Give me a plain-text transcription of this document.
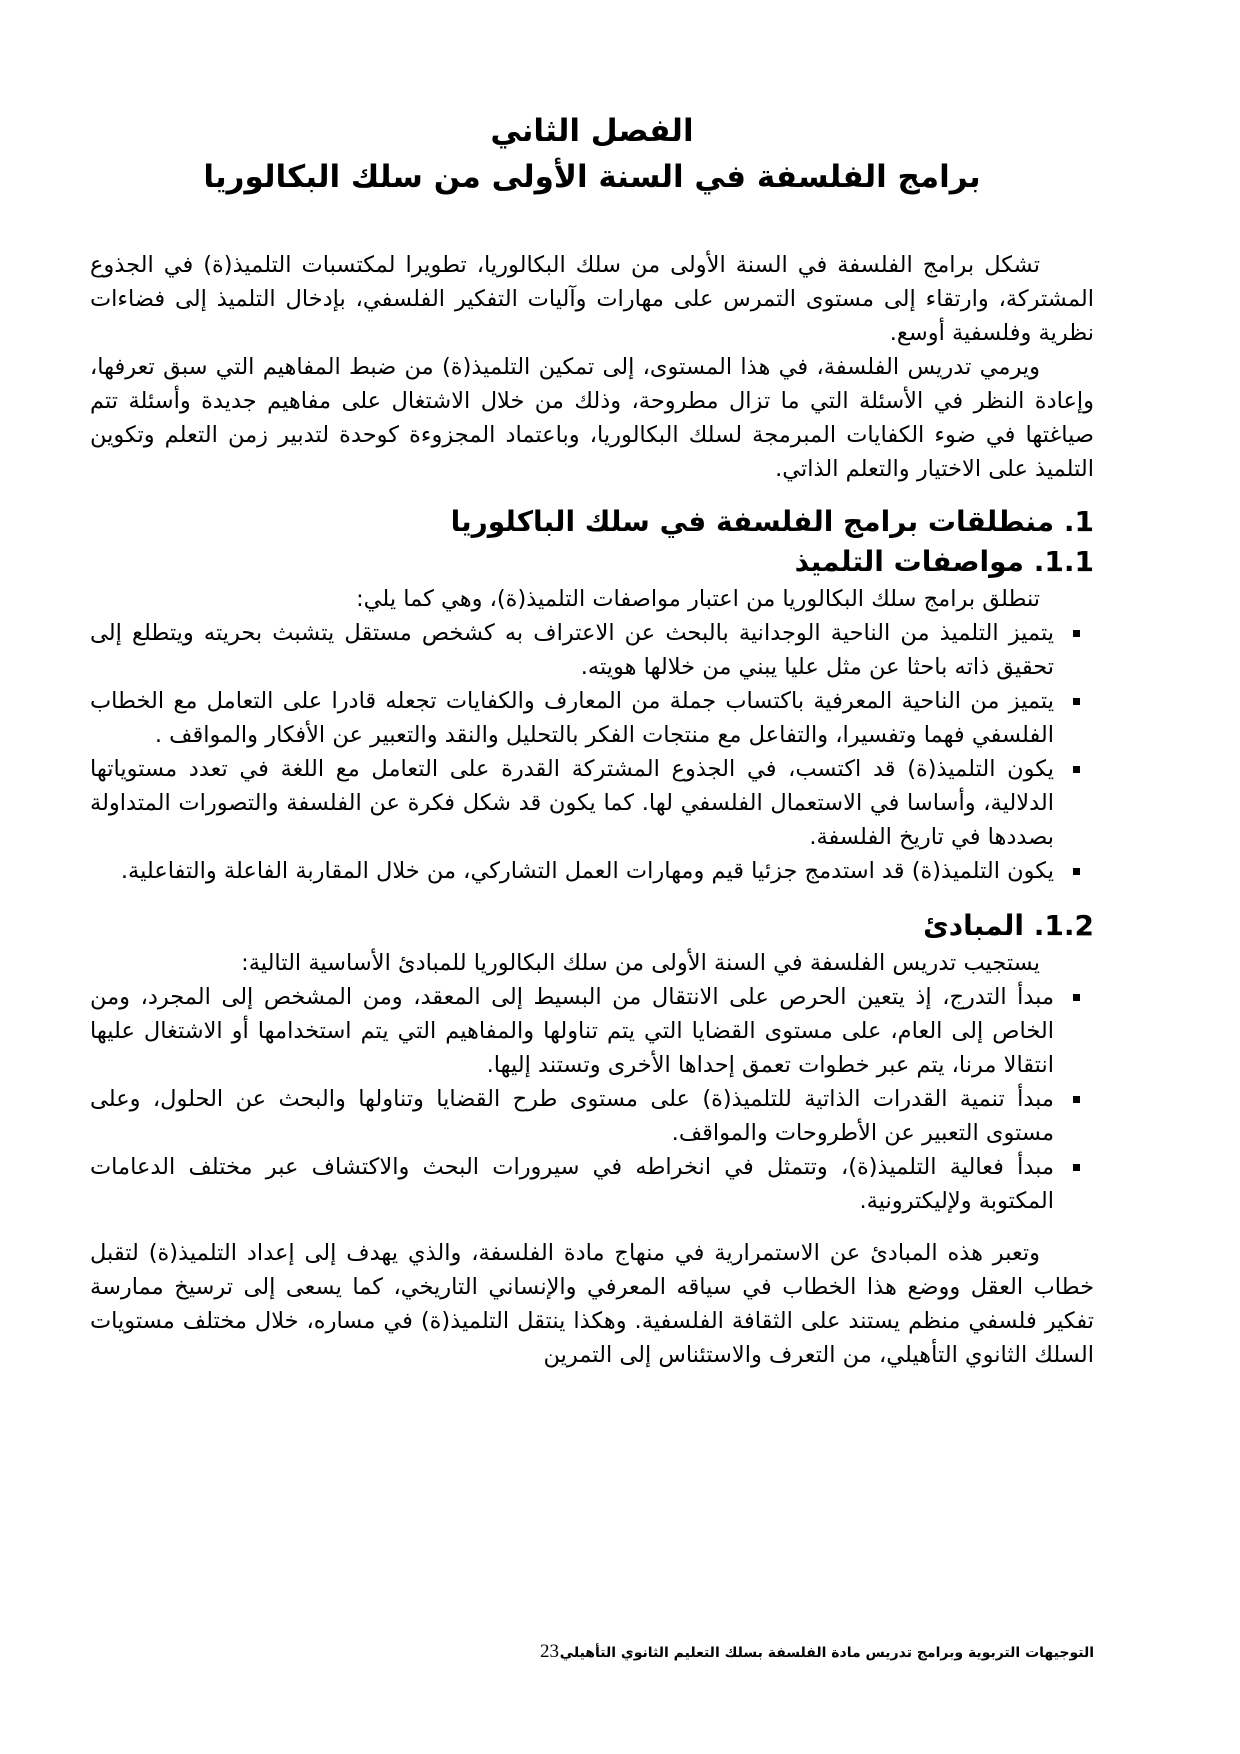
الفصل الثاني
برامج الفلسفة في السنة الأولى من سلك البكالوريا

تشكل برامج الفلسفة في السنة الأولى من سلك البكالوريا، تطويرا لمكتسبات التلميذ(ة) في الجذوع المشتركة، وارتقاء إلى مستوى التمرس على مهارات وآليات التفكير الفلسفي، بإدخال التلميذ إلى فضاءات نظرية وفلسفية أوسع.

ويرمي تدريس الفلسفة، في هذا المستوى، إلى تمكين التلميذ(ة) من ضبط المفاهيم التي سبق تعرفها، وإعادة النظر في الأسئلة التي ما تزال مطروحة، وذلك من خلال الاشتغال على مفاهيم جديدة وأسئلة تتم صياغتها في ضوء الكفايات المبرمجة لسلك البكالوريا، وباعتماد المجزوءة كوحدة لتدبير زمن التعلم وتكوين التلميذ على الاختيار والتعلم الذاتي.

1. منطلقات برامج الفلسفة في سلك الباكلوريا
1.1. مواصفات التلميذ

تنطلق برامج سلك البكالوريا من اعتبار مواصفات التلميذ(ة)، وهي كما يلي:

يتميز التلميذ من الناحية الوجدانية بالبحث عن الاعتراف به كشخص مستقل يتشبث بحريته ويتطلع إلى تحقيق ذاته باحثا عن مثل عليا يبني من خلالها هويته.
يتميز من الناحية المعرفية باكتساب جملة من المعارف والكفايات تجعله قادرا على التعامل مع الخطاب الفلسفي فهما وتفسيرا، والتفاعل مع منتجات الفكر بالتحليل والنقد والتعبير عن الأفكار والمواقف .
يكون التلميذ(ة) قد اكتسب، في الجذوع المشتركة القدرة على التعامل مع اللغة في تعدد مستوياتها الدلالية، وأساسا في الاستعمال الفلسفي لها. كما يكون قد شكل فكرة عن الفلسفة والتصورات المتداولة بصددها في تاريخ الفلسفة.
يكون التلميذ(ة) قد استدمج جزئيا قيم ومهارات العمل التشاركي، من خلال المقاربة الفاعلة والتفاعلية.
1.2. المبادئ

يستجيب تدريس الفلسفة في السنة الأولى من سلك البكالوريا للمبادئ الأساسية التالية:

مبدأ التدرج، إذ يتعين الحرص على الانتقال من البسيط إلى المعقد، ومن المشخص إلى المجرد، ومن الخاص إلى العام، على مستوى القضايا التي يتم تناولها والمفاهيم التي يتم استخدامها أو الاشتغال عليها انتقالا مرنا، يتم عبر خطوات تعمق إحداها الأخرى وتستند إليها.
مبدأ تنمية القدرات الذاتية للتلميذ(ة) على مستوى طرح القضايا وتناولها والبحث عن الحلول، وعلى مستوى التعبير عن الأطروحات والمواقف.
مبدأ فعالية التلميذ(ة)، وتتمثل في انخراطه في سيرورات البحث والاكتشاف عبر مختلف الدعامات المكتوبة ولإليكترونية.

وتعبر هذه المبادئ عن الاستمرارية في منهاج مادة الفلسفة، والذي يهدف إلى إعداد التلميذ(ة) لتقبل خطاب العقل ووضع هذا الخطاب في سياقه المعرفي والإنساني التاريخي، كما يسعى إلى ترسيخ ممارسة تفكير فلسفي منظم يستند على الثقافة الفلسفية. وهكذا ينتقل التلميذ(ة) في مساره، خلال مختلف مستويات السلك الثانوي التأهيلي، من التعرف والاستئناس إلى التمرين

التوجيهات التربوية وبرامج تدريس مادة الفلسفة بسلك التعليم الثانوي التأهيلي
23
